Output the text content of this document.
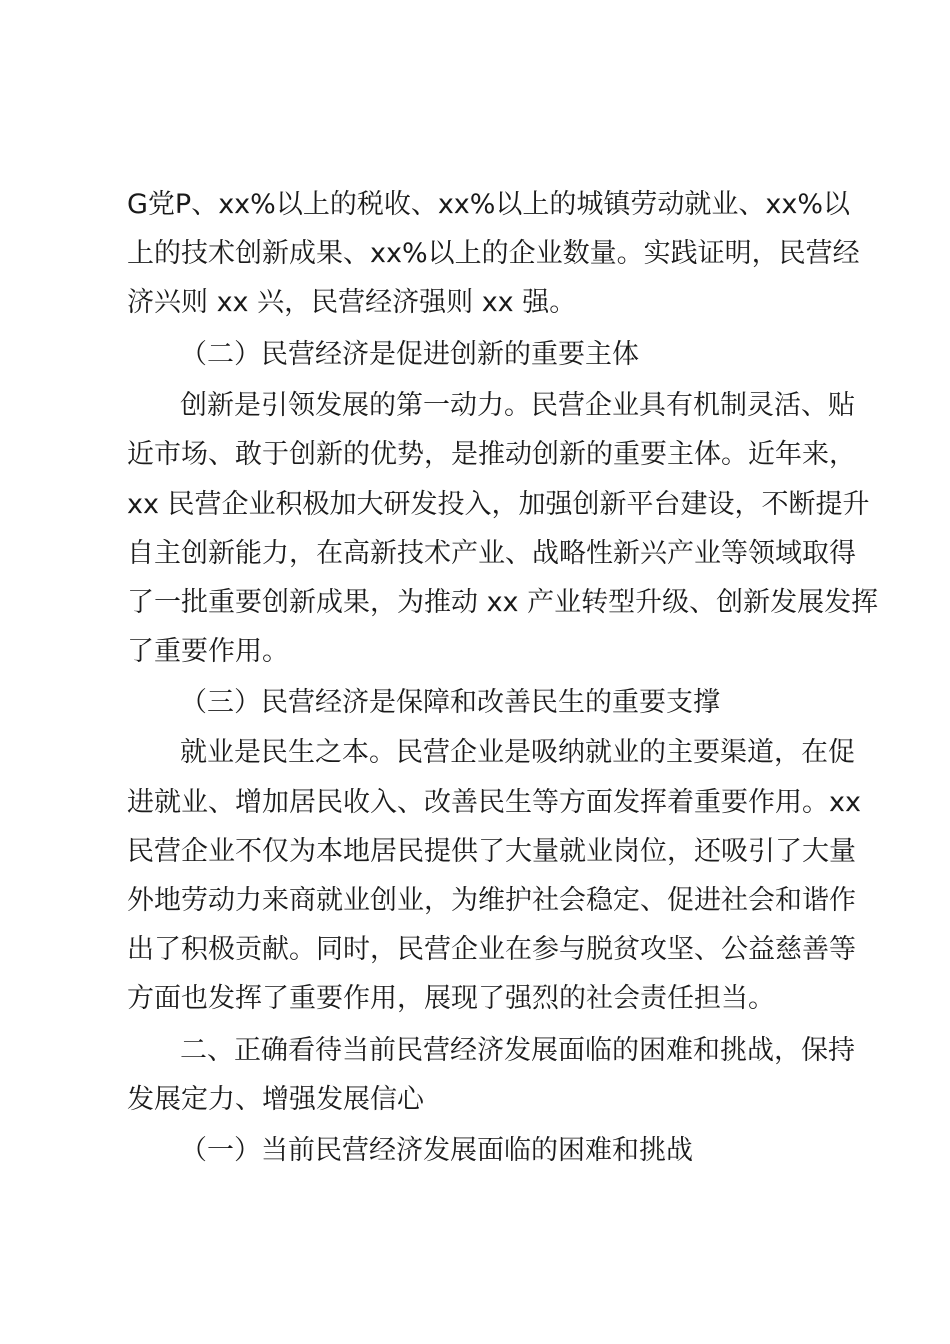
G党P、xx%以上的税收、xx%以上的城镇劳动就业、xx%以

上的技术创新成果、xx%以上的企业数量。实践证明，民营经

济兴则 xx 兴，民营经济强则 xx 强。

（二）民营经济是促进创新的重要主体

创新是引领发展的第一动力。民营企业具有机制灵活、贴

近市场、敢于创新的优势，是推动创新的重要主体。近年来，

xx 民营企业积极加大研发投入，加强创新平台建设，不断提升

自主创新能力，在高新技术产业、战略性新兴产业等领域取得

了一批重要创新成果，为推动 xx 产业转型升级、创新发展发挥

了重要作用。

（三）民营经济是保障和改善民生的重要支撑

就业是民生之本。民营企业是吸纳就业的主要渠道，在促

进就业、增加居民收入、改善民生等方面发挥着重要作用。xx

民营企业不仅为本地居民提供了大量就业岗位，还吸引了大量

外地劳动力来商就业创业，为维护社会稳定、促进社会和谐作

出了积极贡献。同时，民营企业在参与脱贫攻坚、公益慈善等

方面也发挥了重要作用，展现了强烈的社会责任担当。

二、正确看待当前民营经济发展面临的困难和挑战，保持

发展定力、增强发展信心

（一）当前民营经济发展面临的困难和挑战
